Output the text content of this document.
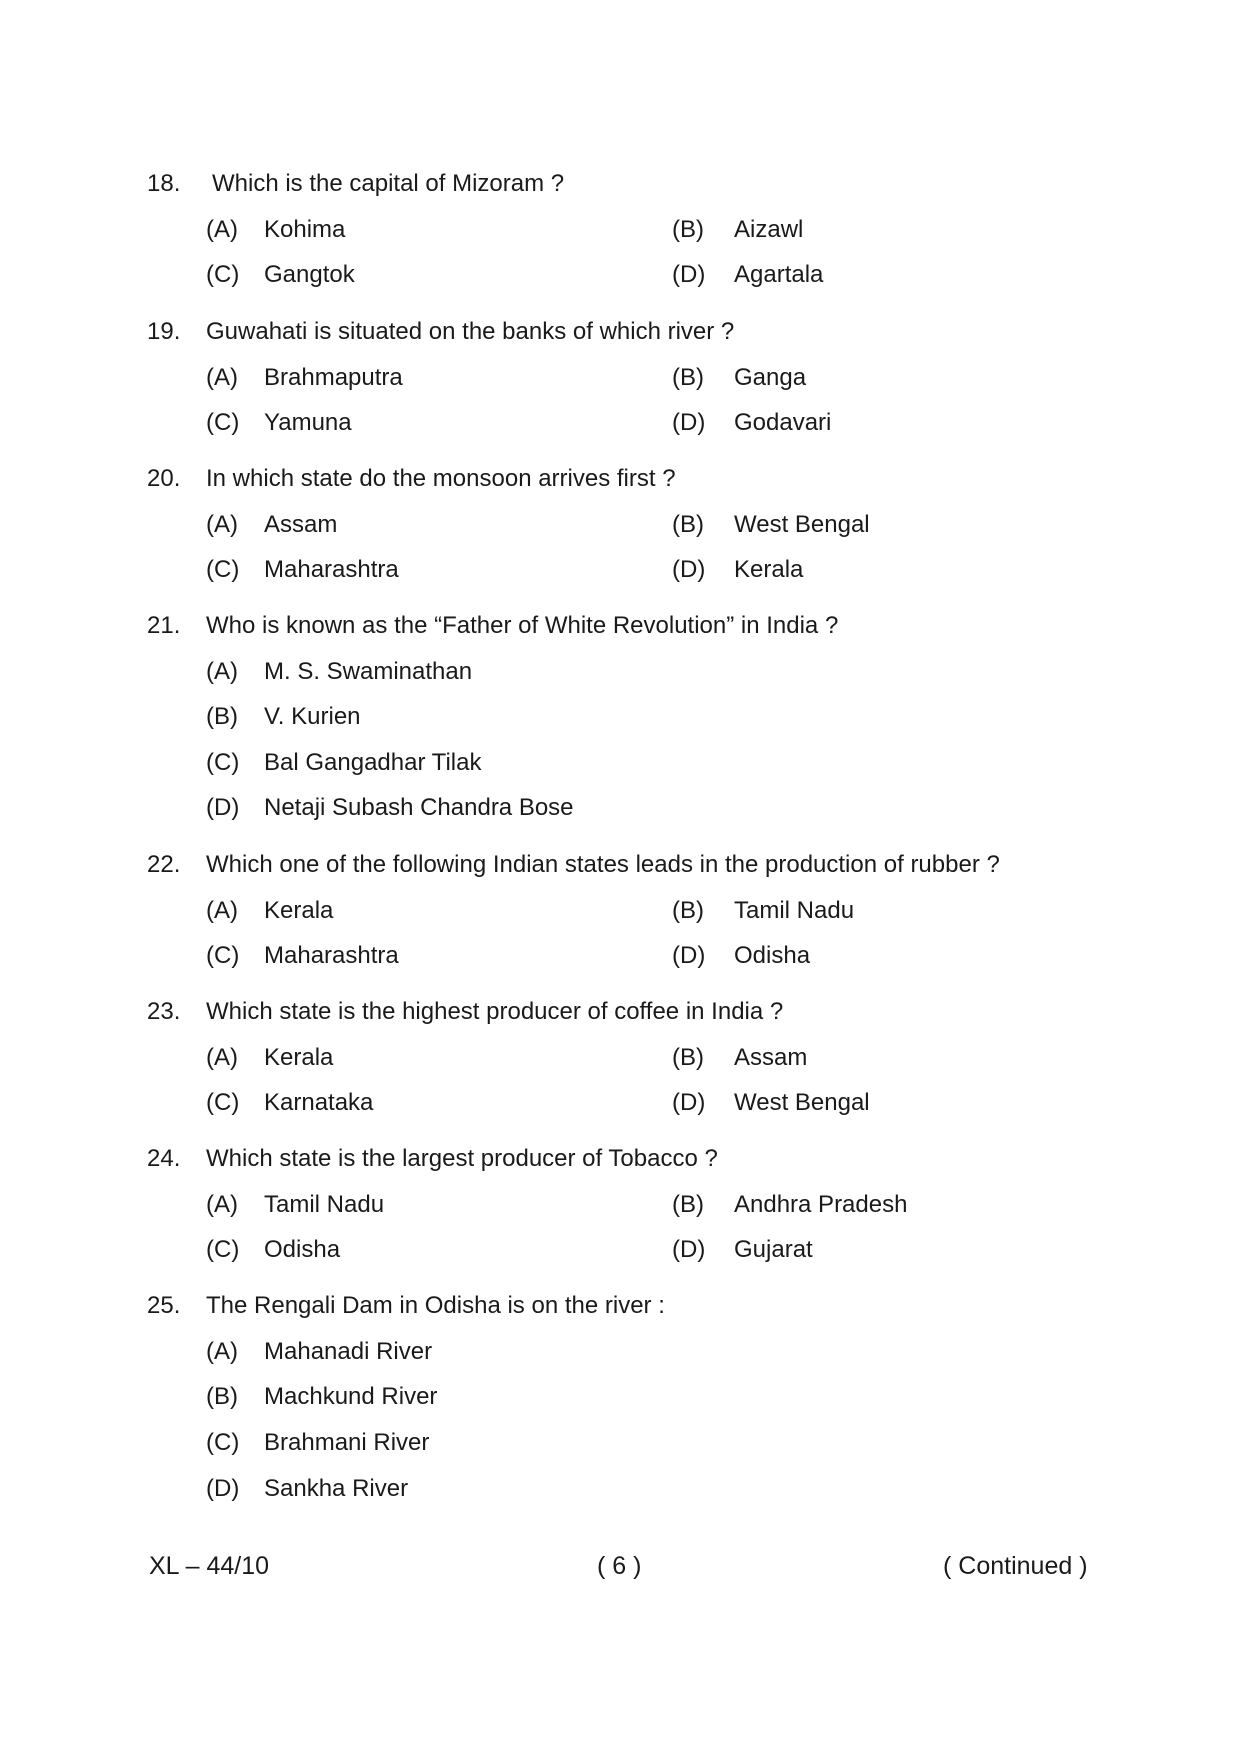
18. Which is the capital of Mizoram ?
(A) Kohima	(B) Aizawl
(C) Gangtok	(D) Agartala
19. Guwahati is situated on the banks of which river ?
(A) Brahmaputra	(B) Ganga
(C) Yamuna	(D) Godavari
20. In which state do the monsoon arrives first ?
(A) Assam	(B) West Bengal
(C) Maharashtra	(D) Kerala
21. Who is known as the “Father of White Revolution” in India ?
(A) M. S. Swaminathan
(B) V. Kurien
(C) Bal Gangadhar Tilak
(D) Netaji Subash Chandra Bose
22. Which one of the following Indian states leads in the production of rubber ?
(A) Kerala	(B) Tamil Nadu
(C) Maharashtra	(D) Odisha
23. Which state is the highest producer of coffee in India ?
(A) Kerala	(B) Assam
(C) Karnataka	(D) West Bengal
24. Which state is the largest producer of Tobacco ?
(A) Tamil Nadu	(B) Andhra Pradesh
(C) Odisha	(D) Gujarat
25. The Rengali Dam in Odisha is on the river :
(A) Mahanadi River
(B) Machkund River
(C) Brahmani River
(D) Sankha River
XL – 44/10	( 6 )	( Continued )
